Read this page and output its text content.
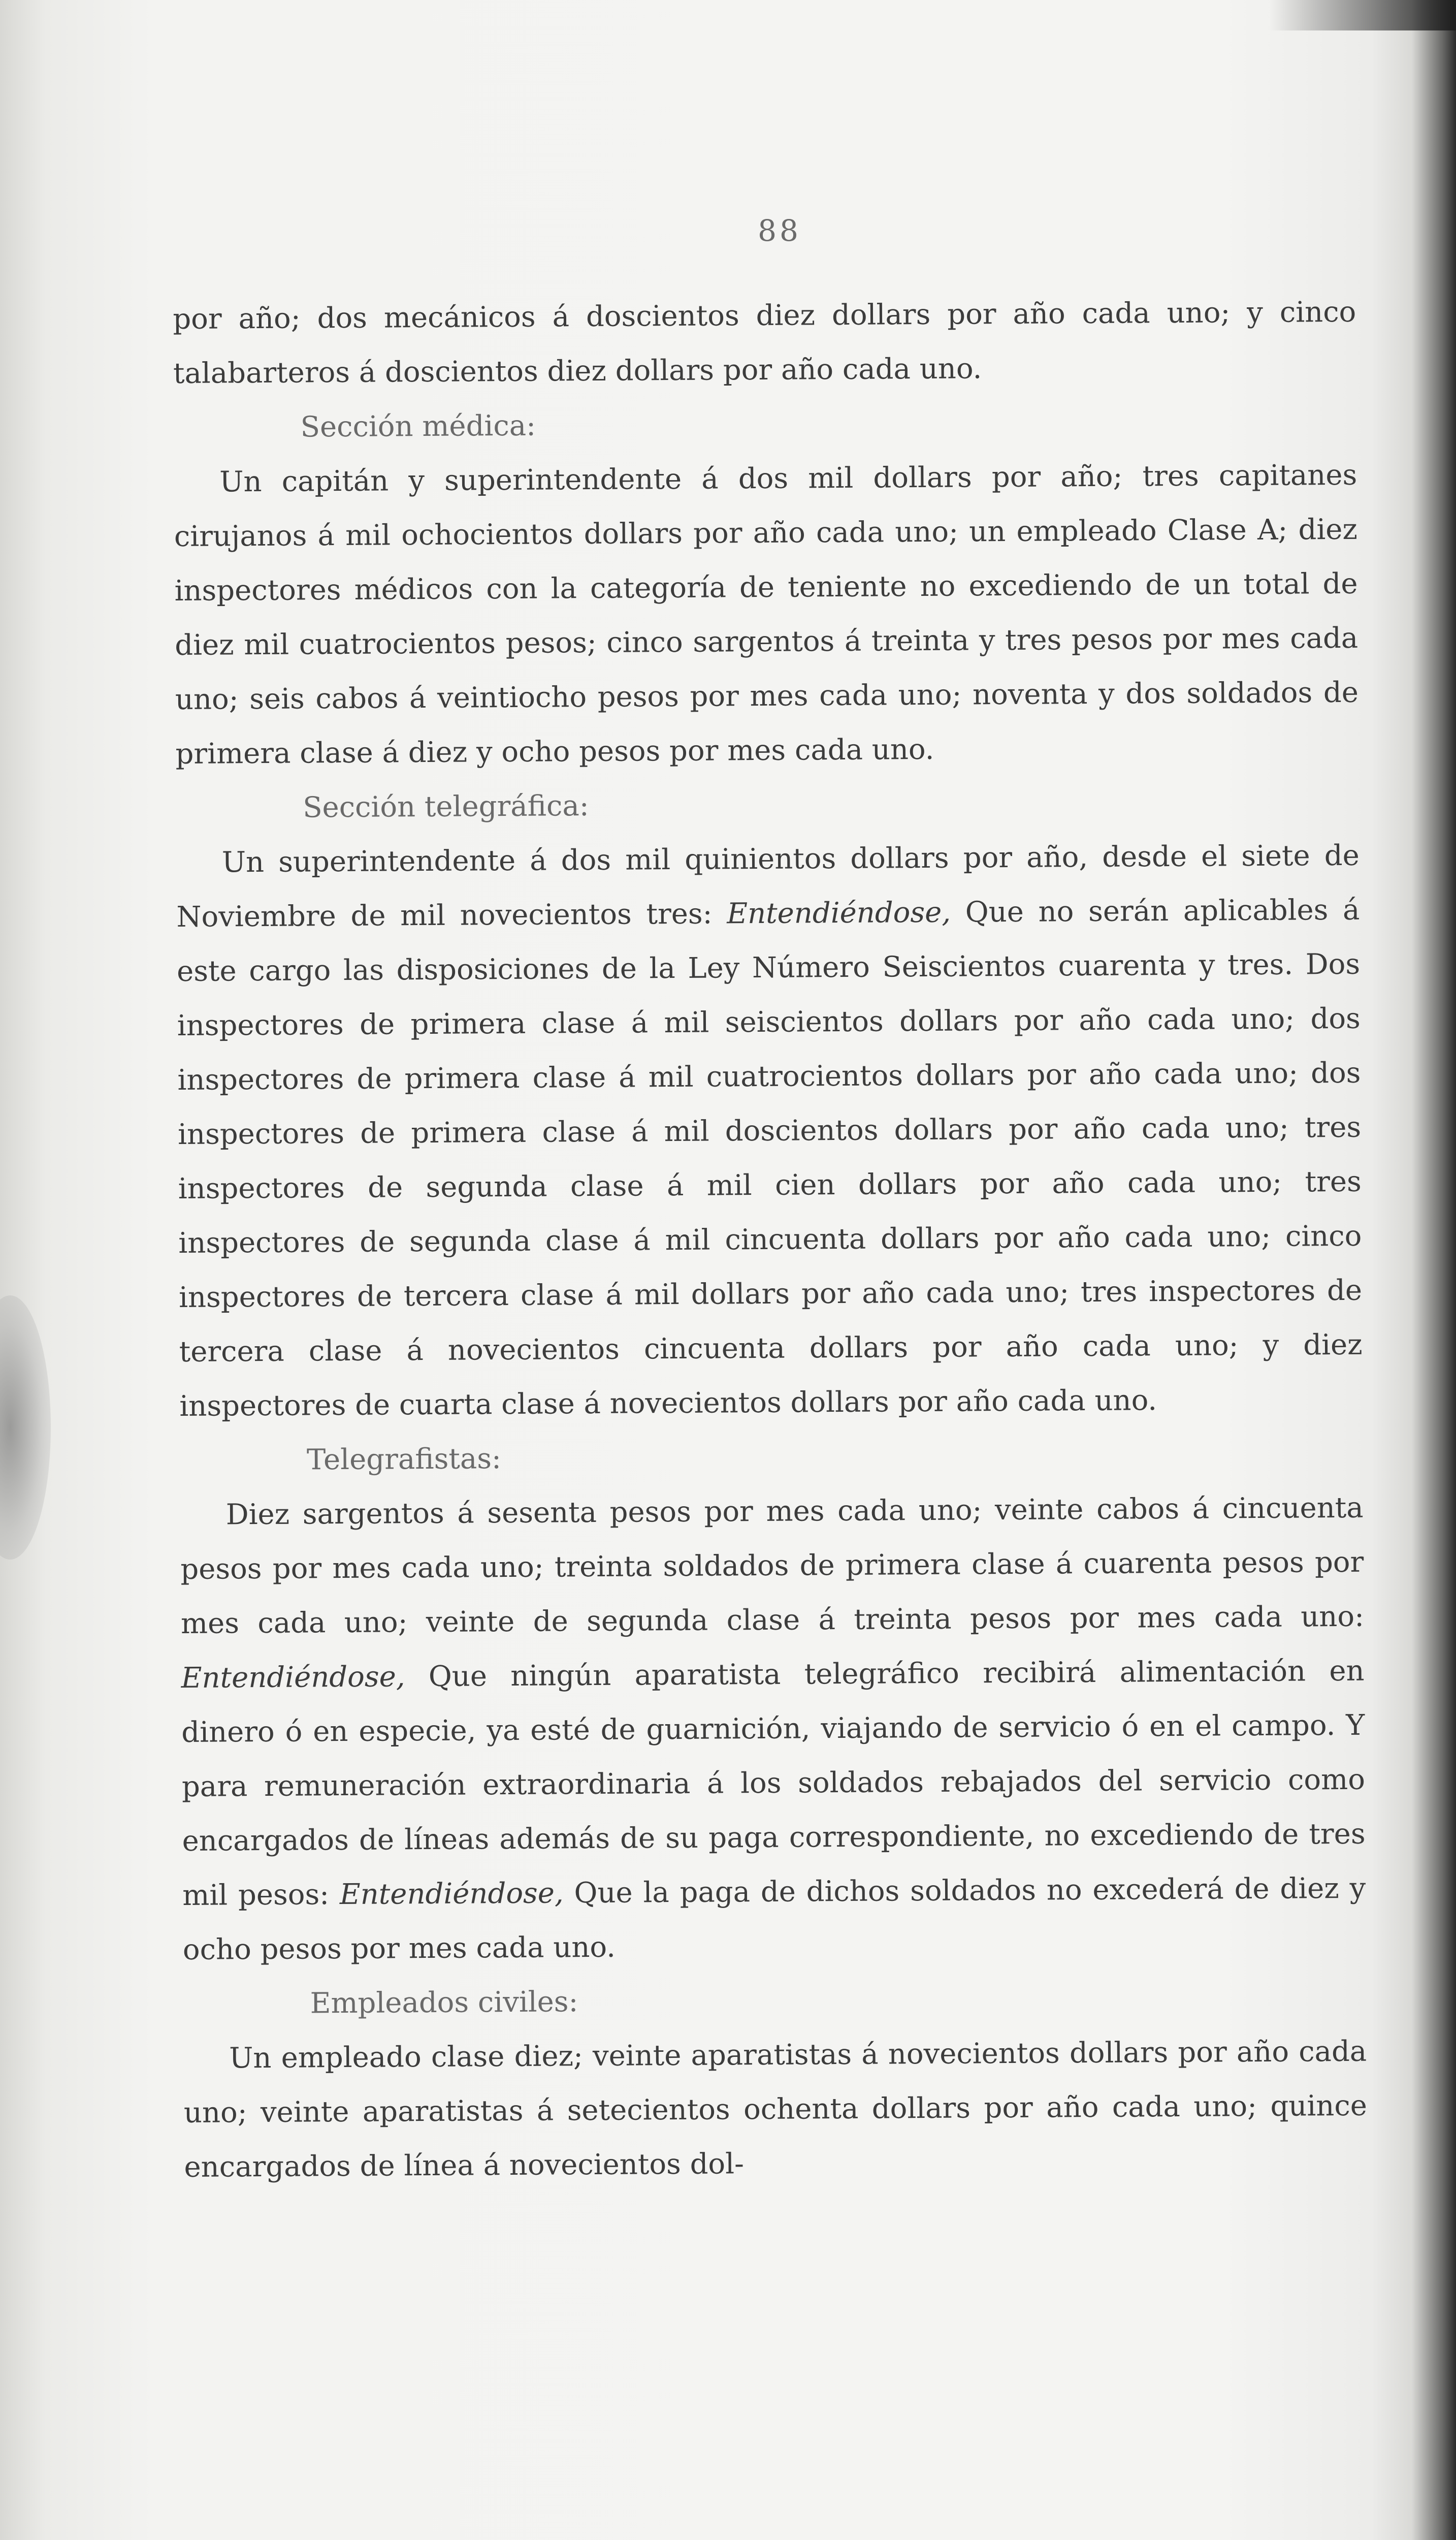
88

por año; dos mecánicos á doscientos diez dollars por año cada uno; y cinco talabarteros á doscientos diez dollars por año cada uno.

Sección médica:

Un capitán y superintendente á dos mil dollars por año; tres capitanes cirujanos á mil ochocientos dollars por año cada uno; un empleado Clase A; diez inspectores médicos con la categoría de teniente no excediendo de un total de diez mil cuatrocientos pesos; cinco sargentos á treinta y tres pesos por mes cada uno; seis cabos á veintiocho pesos por mes cada uno; noventa y dos soldados de primera clase á diez y ocho pesos por mes cada uno.

Sección telegráfica:

Un superintendente á dos mil quinientos dollars por año, desde el siete de Noviembre de mil novecientos tres: Entendiéndose, Que no serán aplicables á este cargo las disposiciones de la Ley Número Seiscientos cuarenta y tres. Dos inspectores de primera clase á mil seiscientos dollars por año cada uno; dos inspectores de primera clase á mil cuatrocientos dollars por año cada uno; dos inspectores de primera clase á mil doscientos dollars por año cada uno; tres inspectores de segunda clase á mil cien dollars por año cada uno; tres inspectores de segunda clase á mil cincuenta dollars por año cada uno; cinco inspectores de tercera clase á mil dollars por año cada uno; tres inspectores de tercera clase á novecientos cincuenta dollars por año cada uno; y diez inspectores de cuarta clase á novecientos dollars por año cada uno.

Telegrafistas:

Diez sargentos á sesenta pesos por mes cada uno; veinte cabos á cincuenta pesos por mes cada uno; treinta soldados de primera clase á cuarenta pesos por mes cada uno; veinte de segunda clase á treinta pesos por mes cada uno: Entendiéndose, Que ningún aparatista telegráfico recibirá alimentación en dinero ó en especie, ya esté de guarnición, viajando de servicio ó en el campo. Y para remuneración extraordinaria á los soldados rebajados del servicio como encargados de líneas además de su paga correspondiente, no excediendo de tres mil pesos: Entendiéndose, Que la paga de dichos soldados no excederá de diez y ocho pesos por mes cada uno.

Empleados civiles:

Un empleado clase diez; veinte aparatistas á novecientos dollars por año cada uno; veinte aparatistas á setecientos ochenta dollars por año cada uno; quince encargados de línea á novecientos dol-
